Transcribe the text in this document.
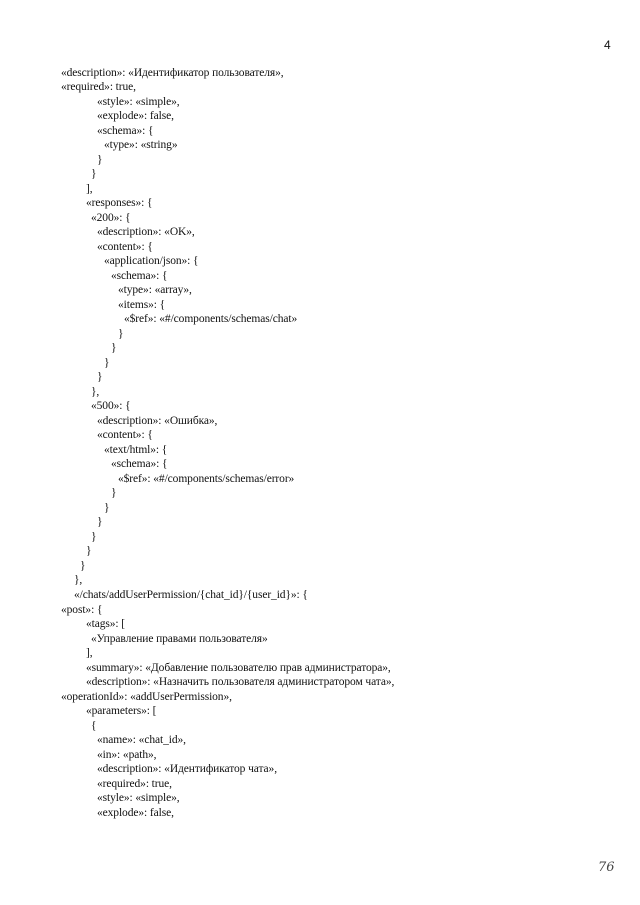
4
«description»: «Идентификатор пользователя»,
«required»: true,
«style»: «simple»,
«explode»: false,
«schema»: {
«type»: «string»
}
}
],
«responses»: {
«200»: {
«description»: «OK»,
«content»: {
«application/json»: {
«schema»: {
«type»: «array»,
«items»: {
«$ref»: «#/components/schemas/chat»
}
}
}
}
},
«500»: {
«description»: «Ошибка»,
«content»: {
«text/html»: {
«schema»: {
«$ref»: «#/components/schemas/error»
}
}
}
}
}
}
},
«/chats/addUserPermission/{chat_id}/{user_id}»: {
«post»: {
«tags»: [
«Управление правами пользователя»
],
«summary»: «Добавление пользователю прав администратора»,
«description»: «Назначить пользователя администратором чата»,
«operationId»: «addUserPermission»,
«parameters»: [
{
«name»: «chat_id»,
«in»: «path»,
«description»: «Идентификатор чата»,
«required»: true,
«style»: «simple»,
«explode»: false,
76
